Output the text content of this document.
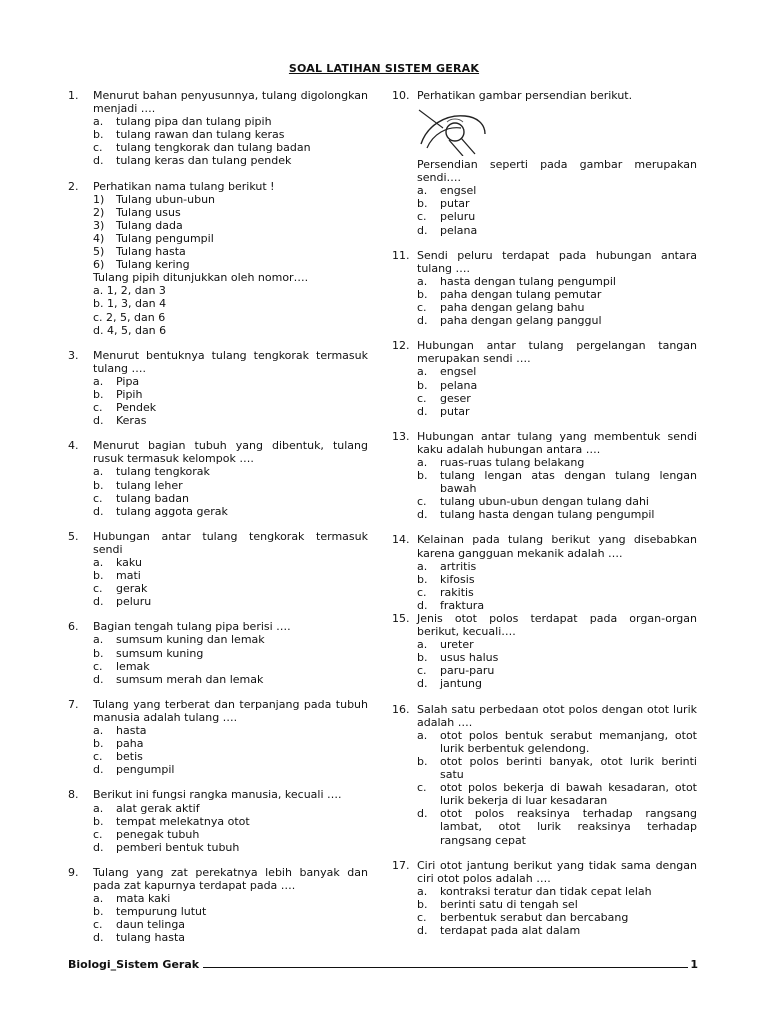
SOAL LATIHAN SISTEM GERAK
1.	Menurut bahan penyusunnya, tulang digolongkan menjadi ….
a.	tulang pipa dan tulang pipih
b.	tulang rawan dan tulang keras
c.	tulang tengkorak dan tulang badan
d.	tulang keras dan tulang pendek
2.	Perhatikan nama tulang berikut !
1)	Tulang ubun-ubun
2)	Tulang usus
3)	Tulang dada
4)	Tulang pengumpil
5)	Tulang hasta
6)	Tulang kering
Tulang pipih ditunjukkan oleh nomor….
a. 1, 2, dan 3
b. 1, 3, dan 4
c. 2, 5, dan 6
d. 4, 5, dan 6
3.	Menurut bentuknya tulang tengkorak termasuk tulang ….
a.	Pipa
b.	Pipih
c.	Pendek
d.	Keras
4.	Menurut bagian tubuh yang dibentuk, tulang rusuk termasuk kelompok ….
a.	tulang tengkorak
b.	tulang leher
c.	tulang badan
d.	tulang aggota gerak
5.	Hubungan antar tulang tengkorak termasuk sendi
a.	kaku
b.	mati
c.	gerak
d.	peluru
6.	Bagian tengah tulang pipa berisi ….
a.	sumsum kuning dan lemak
b.	sumsum kuning
c.	lemak
d.	sumsum merah dan lemak
7.	Tulang yang terberat dan terpanjang pada tubuh manusia adalah tulang ….
a.	hasta
b.	paha
c.	betis
d.	pengumpil
8.	Berikut ini fungsi rangka manusia, kecuali ….
a.	alat gerak aktif
b.	tempat melekatnya otot
c.	penegak tubuh
d.	pemberi bentuk tubuh
9.	Tulang yang zat perekatnya lebih banyak dan pada zat kapurnya terdapat pada ….
a.	mata kaki
b.	tempurung lutut
c.	daun telinga
d.	tulang hasta
10. Perhatikan gambar persendian berikut.
Persendian seperti pada gambar merupakan sendi….
a.	engsel
b.	putar
c.	peluru
d.	pelana
11. Sendi peluru terdapat pada hubungan antara tulang ….
a.	hasta dengan tulang pengumpil
b.	paha dengan tulang pemutar
c.	paha dengan gelang bahu
d.	paha dengan gelang panggul
12. Hubungan antar tulang pergelangan tangan merupakan sendi ….
a.	engsel
b.	pelana
c.	geser
d.	putar
13. Hubungan antar tulang yang membentuk sendi kaku adalah hubungan antara ….
a.	ruas-ruas tulang belakang
b.	tulang lengan atas dengan tulang lengan bawah
c.	tulang ubun-ubun dengan tulang dahi
d.	tulang hasta dengan tulang pengumpil
14. Kelainan pada tulang berikut yang disebabkan karena gangguan mekanik adalah ….
a.	artritis
b.	kifosis
c.	rakitis
d.	fraktura
15. Jenis otot polos terdapat pada organ-organ berikut, kecuali….
a.	ureter
b.	usus halus
c.	paru-paru
d.	jantung
16. Salah satu perbedaan otot polos dengan otot lurik adalah ….
a.	otot polos bentuk serabut memanjang, otot lurik berbentuk gelendong.
b.	otot polos berinti banyak, otot lurik berinti satu
c.	otot polos bekerja di bawah kesadaran, otot lurik bekerja di luar kesadaran
d.	otot polos reaksinya terhadap rangsang lambat, otot lurik reaksinya terhadap rangsang cepat
17. Ciri otot jantung berikut yang tidak sama dengan ciri otot polos adalah ….
a.	kontraksi teratur dan tidak cepat lelah
b.	berinti satu di tengah sel
c.	berbentuk serabut dan bercabang
d.	terdapat pada alat dalam
Biologi_Sistem Gerak	1
